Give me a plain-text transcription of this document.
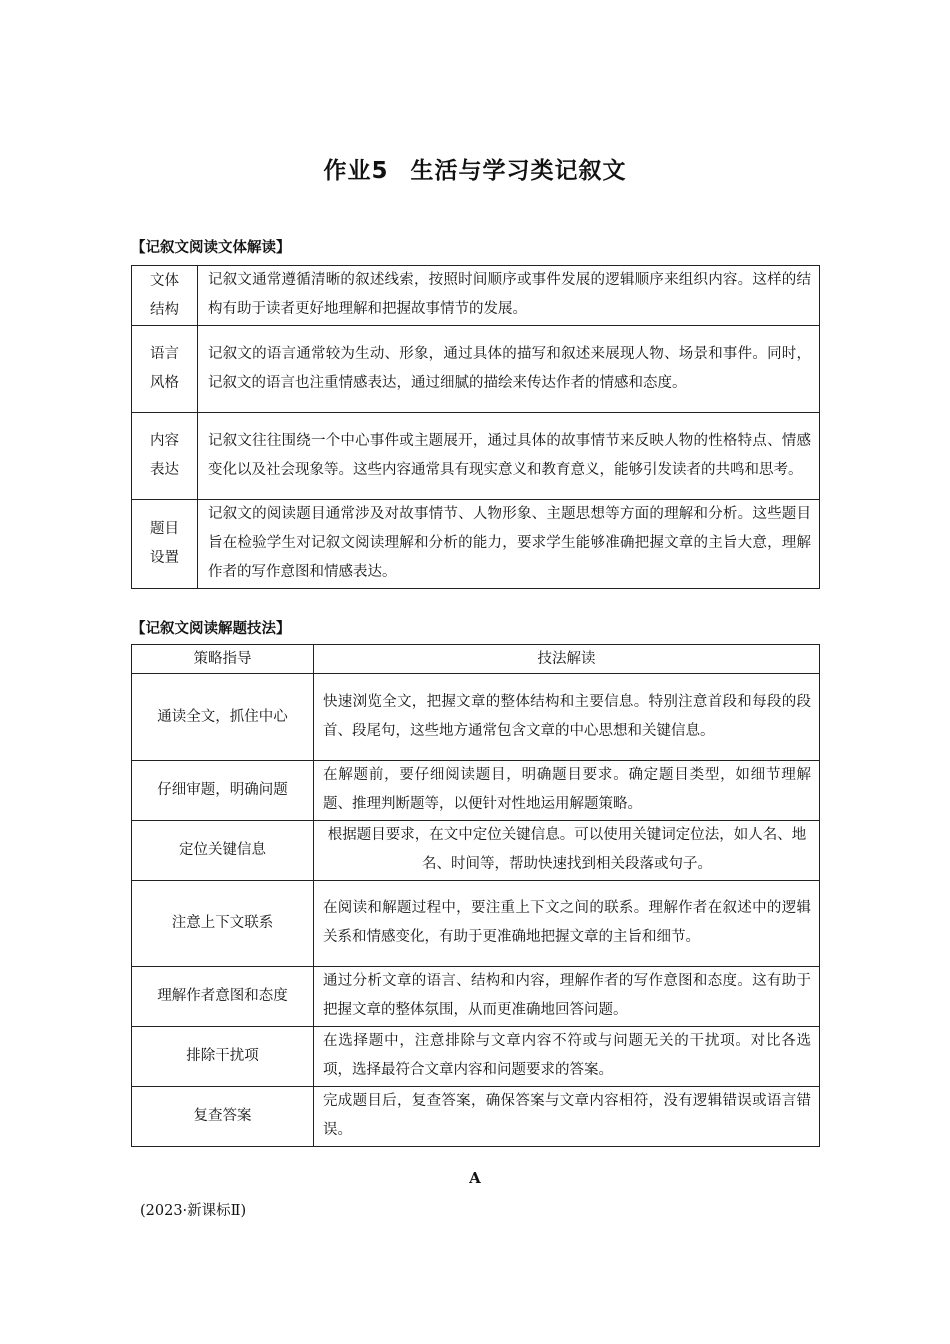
作业5 生活与学习类记叙文
【记叙文阅读文体解读】
文体
结构	记叙文通常遵循清晰的叙述线索，按照时间顺序或事件发展的逻辑顺序来组织内容。这样的结构有助于读者更好地理解和把握故事情节的发展。
语言
风格	记叙文的语言通常较为生动、形象，通过具体的描写和叙述来展现人物、场景和事件。同时，记叙文的语言也注重情感表达，通过细腻的描绘来传达作者的情感和态度。
内容
表达	记叙文往往围绕一个中心事件或主题展开，通过具体的故事情节来反映人物的性格特点、情感变化以及社会现象等。这些内容通常具有现实意义和教育意义，能够引发读者的共鸣和思考。
题目
设置	记叙文的阅读题目通常涉及对故事情节、人物形象、主题思想等方面的理解和分析。这些题目旨在检验学生对记叙文阅读理解和分析的能力，要求学生能够准确把握文章的主旨大意，理解作者的写作意图和情感表达。
【记叙文阅读解题技法】
策略指导	技法解读
通读全文，抓住中心	快速浏览全文，把握文章的整体结构和主要信息。特别注意首段和每段的段首、段尾句，这些地方通常包含文章的中心思想和关键信息。
仔细审题，明确问题	在解题前，要仔细阅读题目，明确题目要求。确定题目类型，如细节理解题、推理判断题等，以便针对性地运用解题策略。
定位关键信息	根据题目要求，在文中定位关键信息。可以使用关键词定位法，如人名、地名、时间等，帮助快速找到相关段落或句子。
注意上下文联系	在阅读和解题过程中，要注重上下文之间的联系。理解作者在叙述中的逻辑关系和情感变化，有助于更准确地把握文章的主旨和细节。
理解作者意图和态度	通过分析文章的语言、结构和内容，理解作者的写作意图和态度。这有助于把握文章的整体氛围，从而更准确地回答问题。
排除干扰项	在选择题中，注意排除与文章内容不符或与问题无关的干扰项。对比各选项，选择最符合文章内容和问题要求的答案。
复查答案	完成题目后，复查答案，确保答案与文章内容相符，没有逻辑错误或语言错误。
A
(2023·新课标Ⅱ)
